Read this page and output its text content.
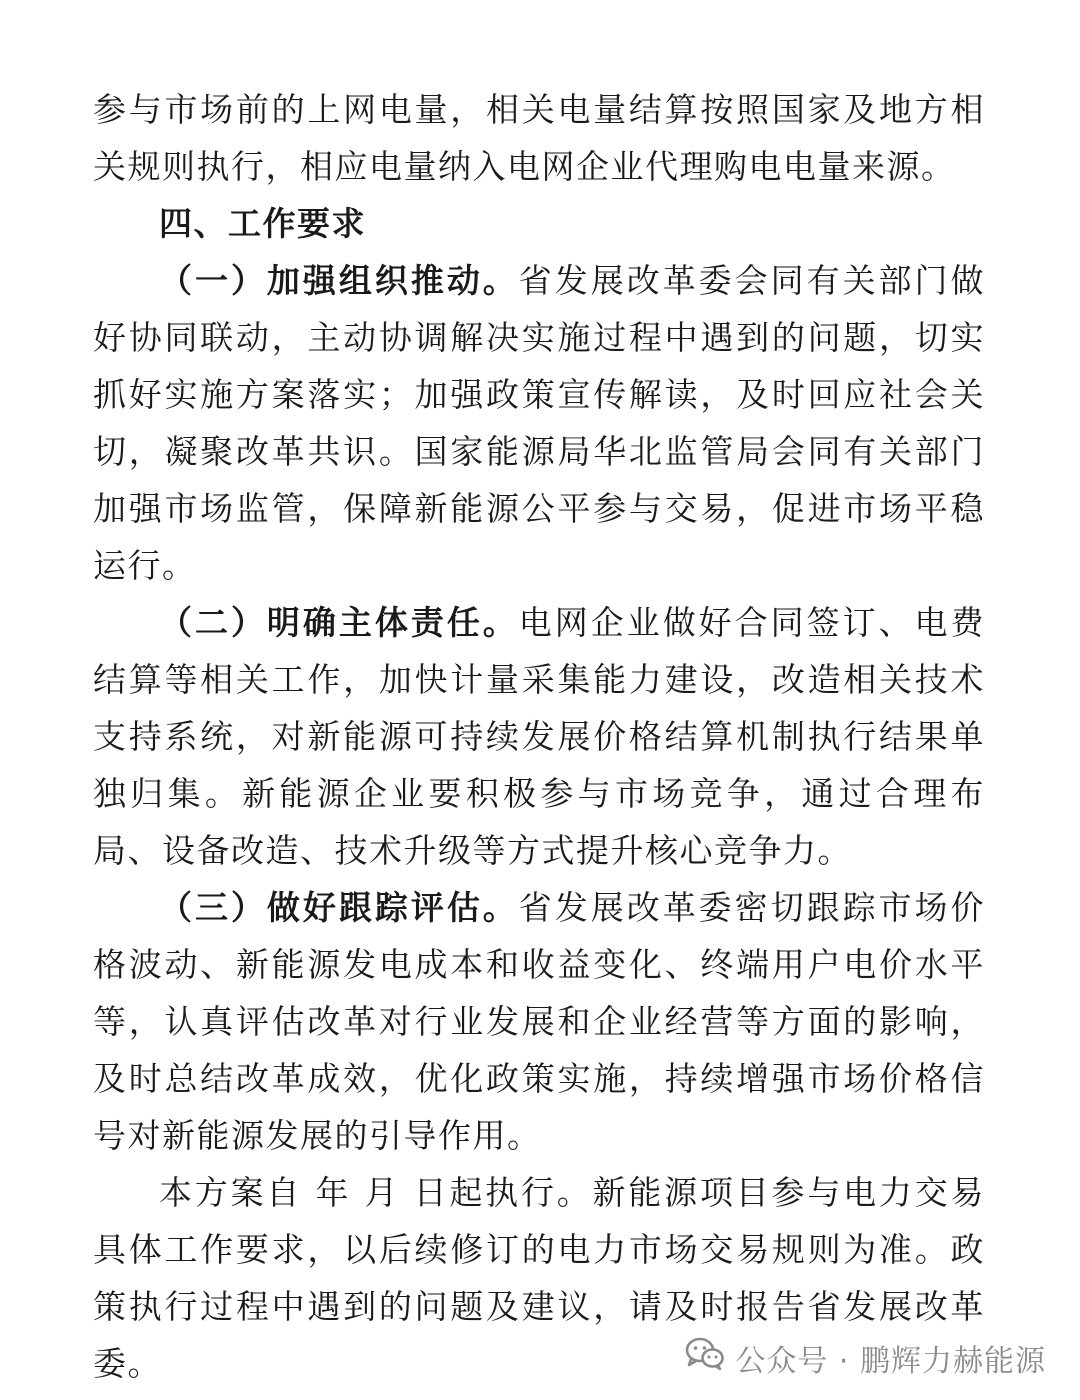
参与市场前的上网电量，相关电量结算按照国家及地方相关规则执行，相应电量纳入电网企业代理购电电量来源。

四、工作要求

（一）加强组织推动。省发展改革委会同有关部门做好协同联动，主动协调解决实施过程中遇到的问题，切实抓好实施方案落实；加强政策宣传解读，及时回应社会关切，凝聚改革共识。国家能源局华北监管局会同有关部门加强市场监管，保障新能源公平参与交易，促进市场平稳运行。

（二）明确主体责任。电网企业做好合同签订、电费结算等相关工作，加快计量采集能力建设，改造相关技术支持系统，对新能源可持续发展价格结算机制执行结果单独归集。新能源企业要积极参与市场竞争，通过合理布局、设备改造、技术升级等方式提升核心竞争力。

（三）做好跟踪评估。省发展改革委密切跟踪市场价格波动、新能源发电成本和收益变化、终端用户电价水平等，认真评估改革对行业发展和企业经营等方面的影响，及时总结改革成效，优化政策实施，持续增强市场价格信号对新能源发展的引导作用。

本方案自 年 月 日起执行。新能源项目参与电力交易具体工作要求，以后续修订的电力市场交易规则为准。政策执行过程中遇到的问题及建议，请及时报告省发展改革委。	公众号 · 鹏辉力赫能源
